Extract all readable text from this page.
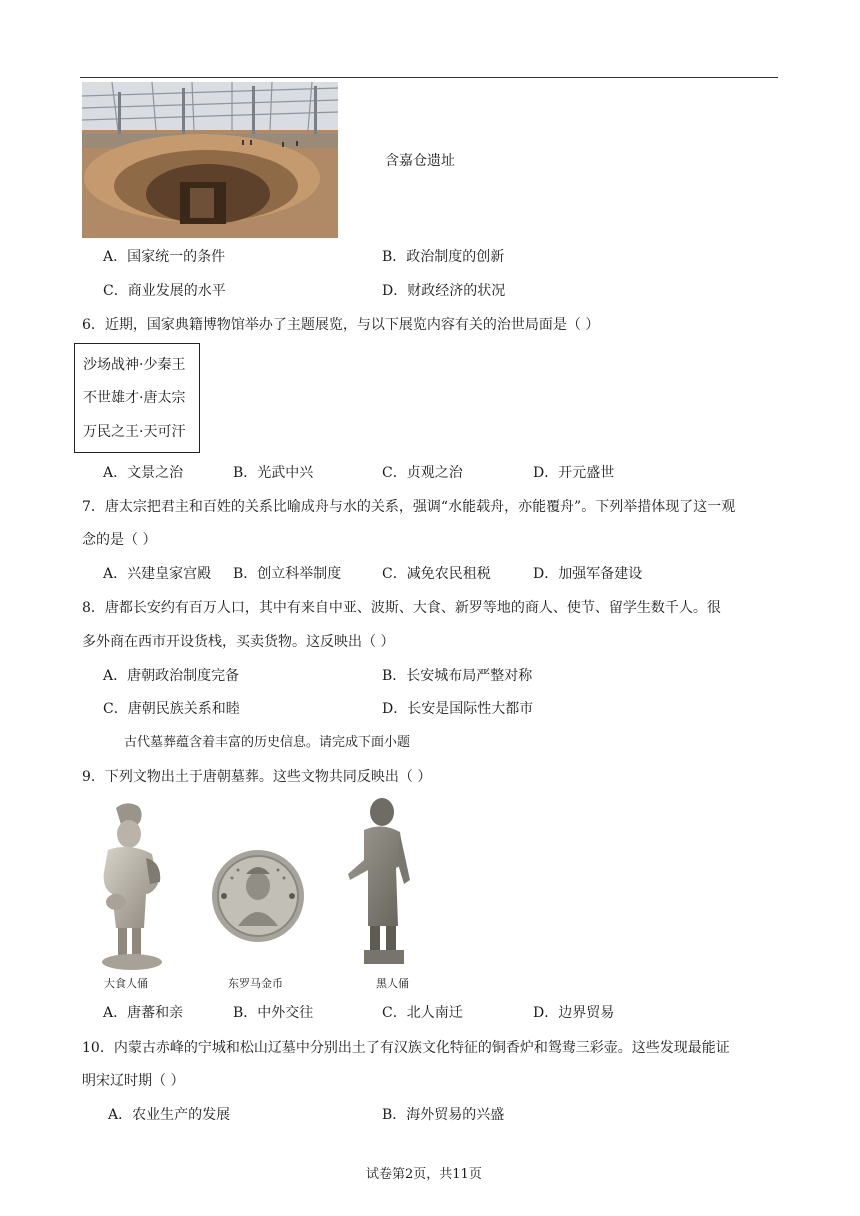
含嘉仓遗址
A．国家统一的条件	B．政治制度的创新
C．商业发展的水平	D．财政经济的状况
6．近期，国家典籍博物馆举办了主题展览，与以下展览内容有关的治世局面是（ ）
沙场战神·少秦王
不世雄才·唐太宗
万民之王·天可汗
A．文景之治	B．光武中兴	C．贞观之治	D．开元盛世
7．唐太宗把君主和百姓的关系比喻成舟与水的关系，强调“水能载舟，亦能覆舟”。下列举措体现了这一观
念的是（ ）
A．兴建皇家宫殿 B．创立科举制度	C．减免农民租税	D．加强军备建设
8．唐都长安约有百万人口，其中有来自中亚、波斯、大食、新罗等地的商人、使节、留学生数千人。很
多外商在西市开设货栈，买卖货物。这反映出（ ）
A．唐朝政治制度完备	B．长安城布局严整对称
C．唐朝民族关系和睦	D．长安是国际性大都市
古代墓葬蕴含着丰富的历史信息。请完成下面小题
9．下列文物出土于唐朝墓葬。这些文物共同反映出（ ）
大食人俑	东罗马金币	黑人俑
A．唐蕃和亲	B．中外交往	C．北人南迁	D．边界贸易
10．内蒙古赤峰的宁城和松山辽墓中分别出土了有汉族文化特征的铜香炉和鸳鸯三彩壶。这些发现最能证
明宋辽时期（ ）
A．农业生产的发展	B．海外贸易的兴盛
试卷第2页，共11页
